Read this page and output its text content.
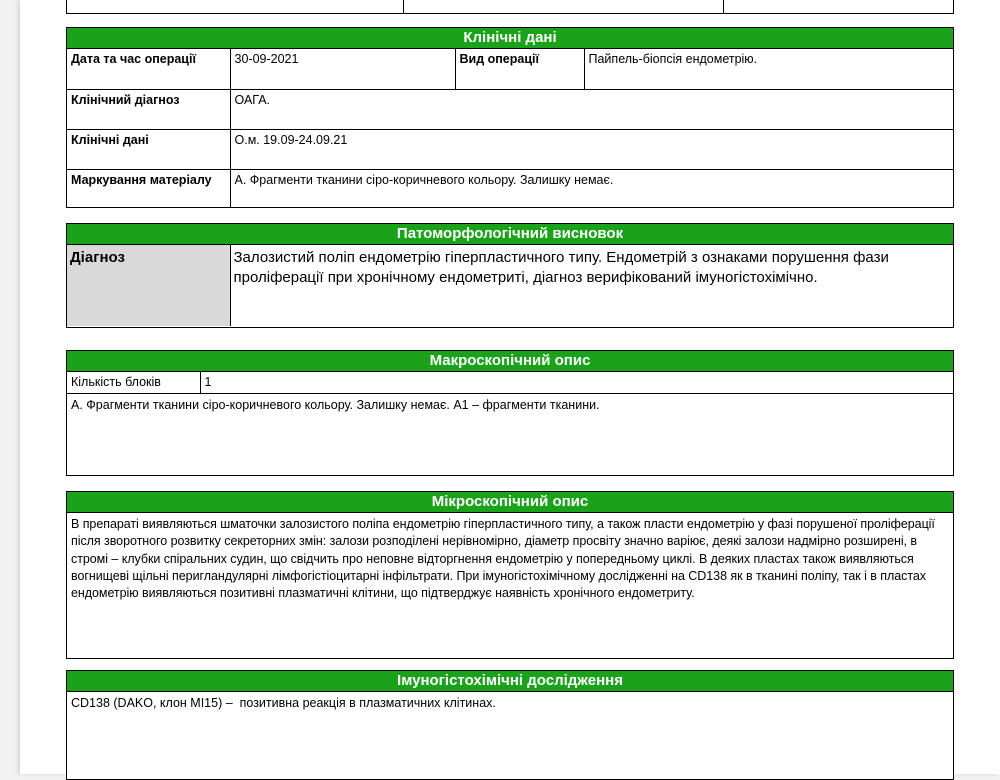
Клінічні дані
Дата та час операції	30-09-2021	Вид операції	Пайпель-біопсія ендометрію.
Клінічний діагноз	ОАГА.		
Клінічні дані	О.м. 19.09-24.09.21		
Маркування матеріалу	А. Фрагменти тканини сіро-коричневого кольору. Залишку немає.		
Патоморфологічний висновок
Діагноз	Залозистий поліп ендометрію гіперпластичного типу. Ендометрій з ознаками порушення фази проліферації при хронічному ендометриті, діагноз верифікований імуногістохімічно.
Макроскопічний опис
Кількість блоків	1
А. Фрагменти тканини сіро-коричневого кольору. Залишку немає. А1 – фрагменти тканини.
Мікроскопічний опис
В препараті виявляються шматочки залозистого поліпа ендометрію гіперпластичного типу, а також пласти ендометрію у фазі порушеної проліферації після зворотного розвитку секреторних змін: залози розподілені нерівномірно, діаметр просвіту значно варіює, деякі залози надмірно розширені, в стромі – клубки спіральних судин, що свідчить про неповне відторгнення ендометрію у попередньому циклі. В деяких пластах також виявляються вогнищеві щільні перигландулярні лімфогістіоцитарні інфільтрати. При імуногістохімічному дослідженні на CD138 як в тканині поліпу, так і в пластах ендометрію виявляються позитивні плазматичні клітини, що підтверджує наявність хронічного ендометриту.
Імуногістохімічні дослідження
CD138 (DAKO, клон MI15) –  позитивна реакція в плазматичних клітинах.
